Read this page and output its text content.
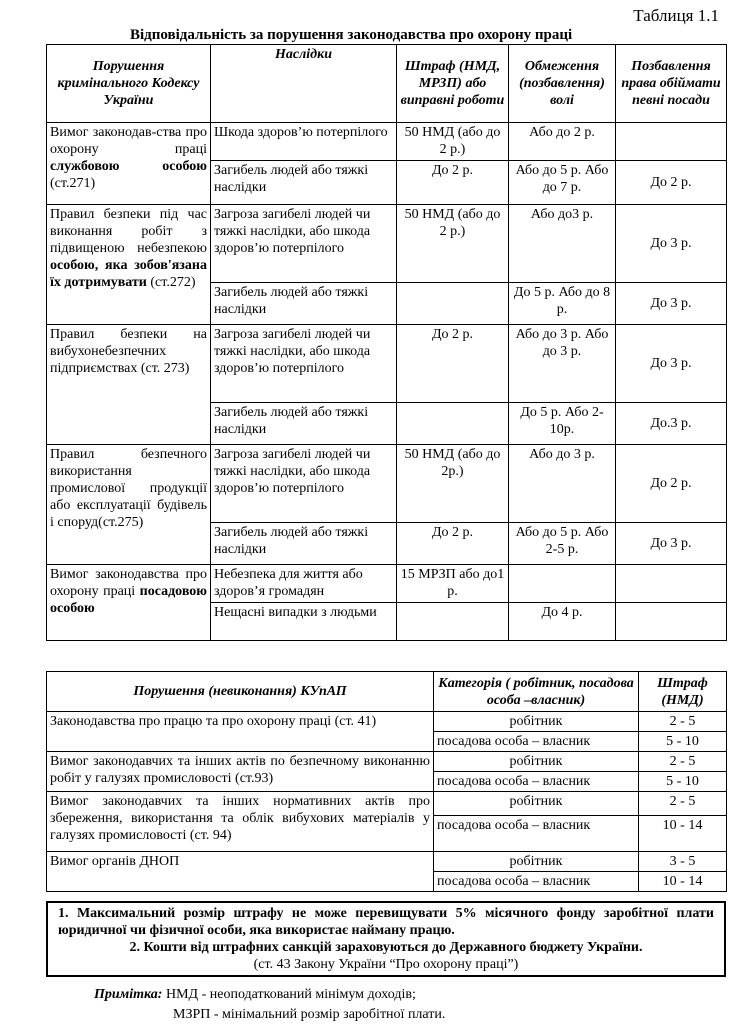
Таблиця 1.1
Відповідальність за порушення законодавства про охорону праці
Порушення кримінального Кодексу України	Наслідки	Штраф (НМД, МРЗП) або виправні роботи	Обмеження (позбавлення) волі	Позбавлення права обіймати певні посади
Вимог законодав-ства про охорону праці службовою особою (ст.271)	Шкода здоров’ю потерпілого	50 НМД (або до 2 р.)	Або до 2 р.	
	Загибель людей або тяжкі наслідки	До 2 р.	Або до 5 р. Або до 7 р.	До 2 р.
Правил безпеки під час виконання робіт з підвищеною небезпекою особою, яка зобов'язана їх дотримувати (ст.272)	Загроза загибелі людей чи тяжкі наслідки, або шкода здоров’ю потерпілого	50 НМД (або до 2 р.)	Або до3 р.	До 3 р.
	Загибель людей або тяжкі наслідки		До 5 р. Або до 8 р.	До 3 р.
Правил безпеки на вибухонебезпечних підприємствах (ст. 273)	Загроза загибелі людей чи тяжкі наслідки, або шкода здоров’ю потерпілого	До 2 р.	Або до 3 р. Або до 3 р.	До 3 р.
	Загибель людей або тяжкі наслідки		До 5 р. Або 2-10р.	До.3 р.
Правил безпечного використання промислової продукції або експлуатації будівель і споруд(ст.275)	Загроза загибелі людей чи тяжкі наслідки, або шкода здоров’ю потерпілого	50 НМД (або до 2р.)	Або до 3 р.	До 2 р.
	Загибель людей або тяжкі наслідки	До 2 р.	Або до 5 р. Або 2-5 р.	До 3 р.
Вимог законодавства про охорону праці посадовою особою	Небезпека для життя або здоров’я громадян	15 МРЗП або до1 р.		
	Нещасні випадки з людьми		До 4 р.	
Порушення (невиконання) КУпАП	Категорія ( робітник, посадова особа –власник)	Штраф (НМД)
Законодавства про працю та про охорону праці (ст. 41)	робітник	2 - 5
	посадова особа – власник	5 - 10
Вимог законодавчих та інших актів по безпечному виконанню робіт у галузях промисловості (ст.93)	робітник	2 - 5
	посадова особа – власник	5 - 10
Вимог законодавчих та інших нормативних актів про збереження, використання та облік вибухових матеріалів у галузях промисловості (ст. 94)	робітник	2 - 5
	посадова особа – власник	10 - 14
Вимог органів ДНОП	робітник	3 - 5
	посадова особа – власник	10 - 14
1. Максимальний розмір штрафу не може перевищувати 5% місячного фонду заробітної плати юридичної чи фізичної особи, яка використає найману працю.
2. Кошти від штрафних санкцій зараховуються до Державного бюджету України.
(ст. 43 Закону України “Про охорону праці”)
Примітка: НМД - неоподаткований мінімум доходів;
МЗРП - мінімальний розмір заробітної плати.
